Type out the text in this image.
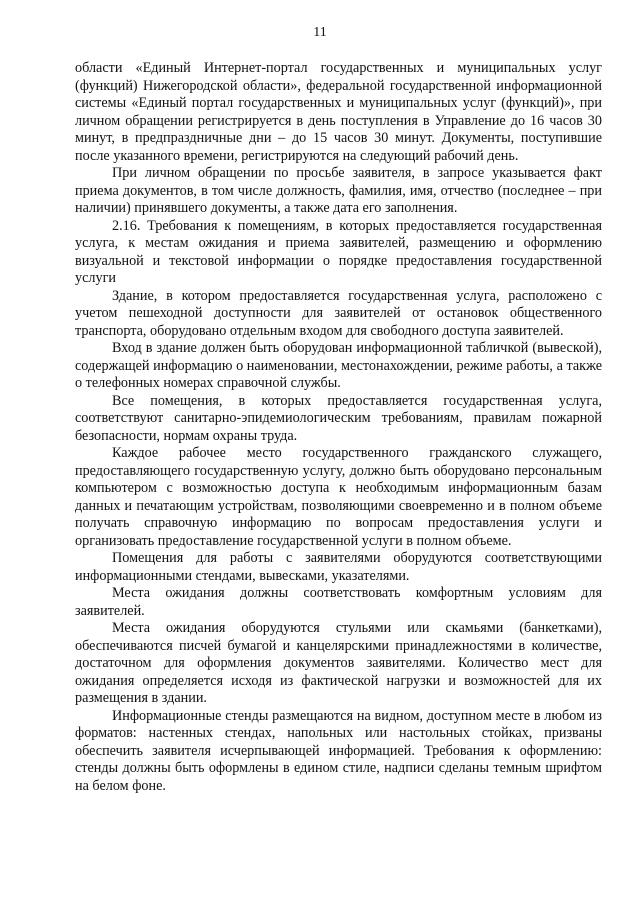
11

области «Единый Интернет-портал государственных и муниципальных услуг (функций) Нижегородской области», федеральной государственной информационной системы «Единый портал государственных и муниципальных услуг (функций)», при личном обращении регистрируется в день поступления в Управление до 16 часов 30 минут, в предпраздничные дни – до 15 часов 30 минут. Документы, поступившие после указанного времени, регистрируются на следующий рабочий день.

При личном обращении по просьбе заявителя, в запросе указывается факт приема документов, в том числе должность, фамилия, имя, отчество (последнее – при наличии) принявшего документы, а также дата его заполнения.

2.16. Требования к помещениям, в которых предоставляется государственная услуга, к местам ожидания и приема заявителей, размещению и оформлению визуальной и текстовой информации о порядке предоставления государственной услуги

Здание, в котором предоставляется государственная услуга, расположено с учетом пешеходной доступности для заявителей от остановок общественного транспорта, оборудовано отдельным входом для свободного доступа заявителей.

Вход в здание должен быть оборудован информационной табличкой (вывеской), содержащей информацию о наименовании, местонахождении, режиме работы, а также о телефонных номерах справочной службы.

Все помещения, в которых предоставляется государственная услуга, соответствуют санитарно-эпидемиологическим требованиям, правилам пожарной безопасности, нормам охраны труда.

Каждое рабочее место государственного гражданского служащего, предоставляющего государственную услугу, должно быть оборудовано персональным компьютером с возможностью доступа к необходимым информационным базам данных и печатающим устройствам, позволяющими своевременно и в полном объеме получать справочную информацию по вопросам предоставления услуги и организовать предоставление государственной услуги в полном объеме.

Помещения для работы с заявителями оборудуются соответствующими информационными стендами, вывесками, указателями.

Места ожидания должны соответствовать комфортным условиям для заявителей.

Места ожидания оборудуются стульями или скамьями (банкетками), обеспечиваются писчей бумагой и канцелярскими принадлежностями в количестве, достаточном для оформления документов заявителями. Количество мест для ожидания определяется исходя из фактической нагрузки и возможностей для их размещения в здании.

Информационные стенды размещаются на видном, доступном месте в любом из форматов: настенных стендах, напольных или настольных стойках, призваны обеспечить заявителя исчерпывающей информацией. Требования к оформлению: стенды должны быть оформлены в едином стиле, надписи сделаны темным шрифтом на белом фоне.
